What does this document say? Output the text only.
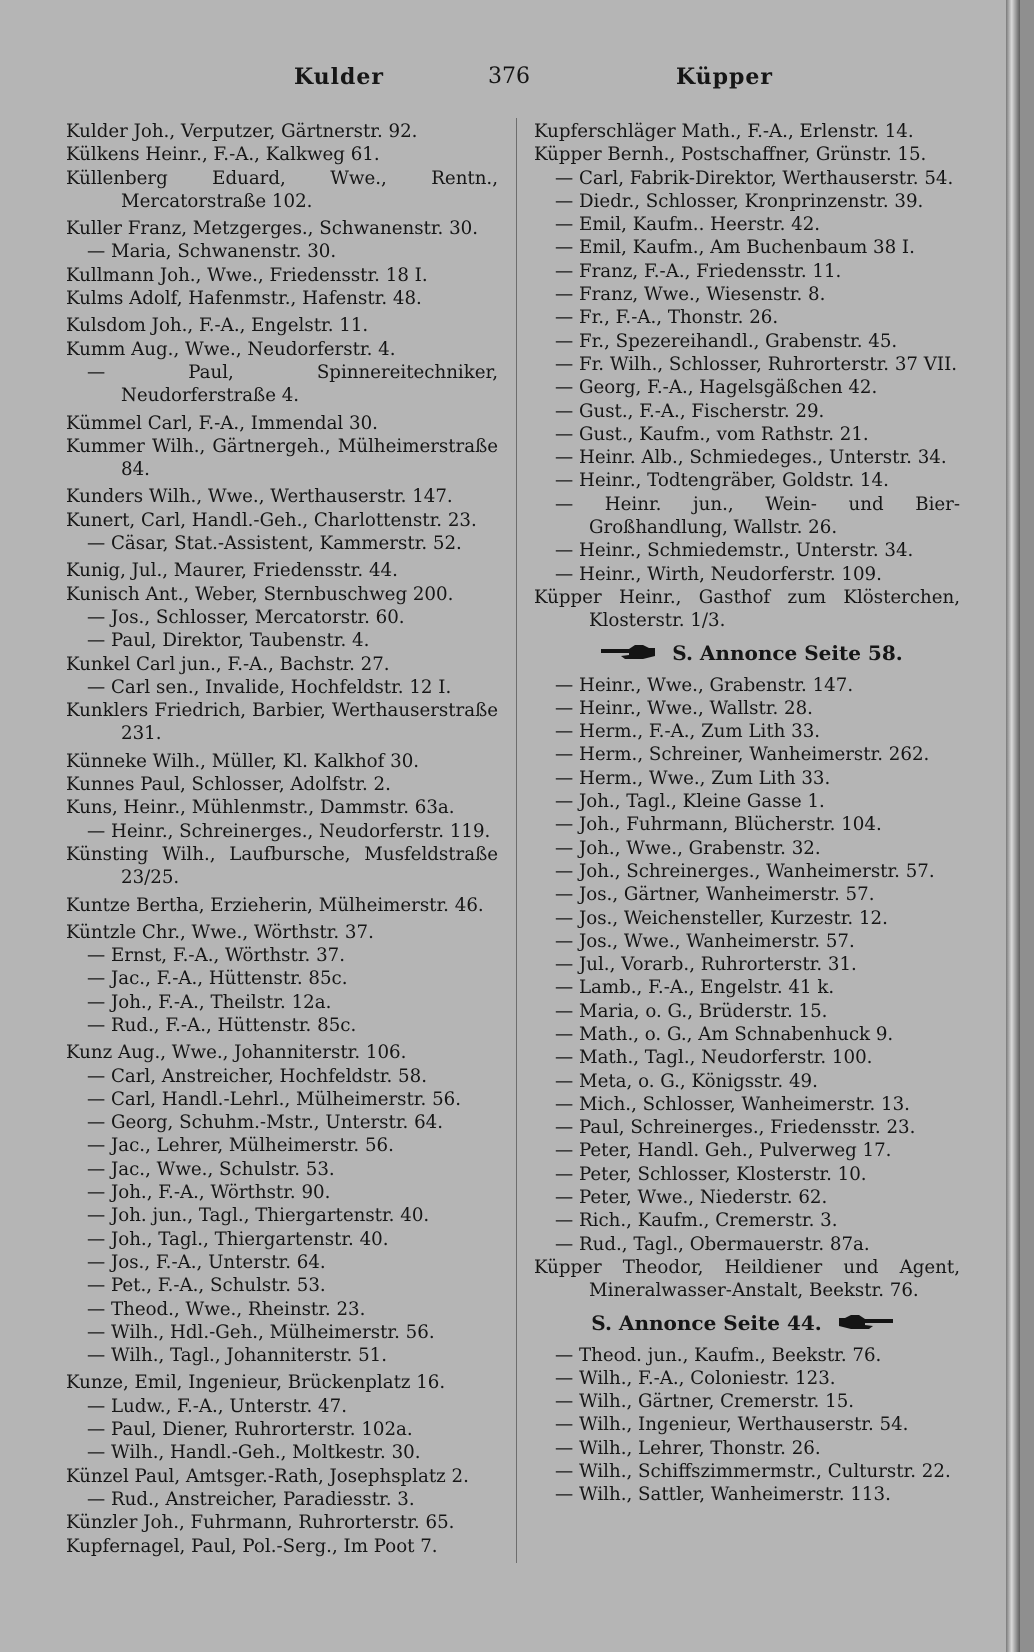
Kulder	376	Küpper
Kulder Joh., Verputzer, Gärtnerstr. 92.
Külkens Heinr., F.-A., Kalkweg 61.
Küllenberg Eduard, Wwe., Rentn., Mercatorstraße 102.
Kuller Franz, Metzgerges., Schwanenstr. 30.
— Maria, Schwanenstr. 30.
Kullmann Joh., Wwe., Friedensstr. 18 I.
Kulms Adolf, Hafenmstr., Hafenstr. 48.
Kulsdom Joh., F.-A., Engelstr. 11.
Kumm Aug., Wwe., Neudorferstr. 4.
— Paul, Spinnereitechniker, Neudorferstraße 4.
Kümmel Carl, F.-A., Immendal 30.
Kummer Wilh., Gärtnergeh., Mülheimerstraße 84.
Kunders Wilh., Wwe., Werthauserstr. 147.
Kunert, Carl, Handl.-Geh., Charlottenstr. 23.
— Cäsar, Stat.-Assistent, Kammerstr. 52.
Kunig, Jul., Maurer, Friedensstr. 44.
Kunisch Ant., Weber, Sternbuschweg 200.
— Jos., Schlosser, Mercatorstr. 60.
— Paul, Direktor, Taubenstr. 4.
Kunkel Carl jun., F.-A., Bachstr. 27.
— Carl sen., Invalide, Hochfeldstr. 12 I.
Kunklers Friedrich, Barbier, Werthauserstraße 231.
Künneke Wilh., Müller, Kl. Kalkhof 30.
Kunnes Paul, Schlosser, Adolfstr. 2.
Kuns, Heinr., Mühlenmstr., Dammstr. 63a.
— Heinr., Schreinerges., Neudorferstr. 119.
Künsting Wilh., Laufbursche, Musfeldstraße 23/25.
Kuntze Bertha, Erzieherin, Mülheimerstr. 46.
Küntzle Chr., Wwe., Wörthstr. 37.
— Ernst, F.-A., Wörthstr. 37.
— Jac., F.-A., Hüttenstr. 85c.
— Joh., F.-A., Theilstr. 12a.
— Rud., F.-A., Hüttenstr. 85c.
Kunz Aug., Wwe., Johanniterstr. 106.
— Carl, Anstreicher, Hochfeldstr. 58.
— Carl, Handl.-Lehrl., Mülheimerstr. 56.
— Georg, Schuhm.-Mstr., Unterstr. 64.
— Jac., Lehrer, Mülheimerstr. 56.
— Jac., Wwe., Schulstr. 53.
— Joh., F.-A., Wörthstr. 90.
— Joh. jun., Tagl., Thiergartenstr. 40.
— Joh., Tagl., Thiergartenstr. 40.
— Jos., F.-A., Unterstr. 64.
— Pet., F.-A., Schulstr. 53.
— Theod., Wwe., Rheinstr. 23.
— Wilh., Hdl.-Geh., Mülheimerstr. 56.
— Wilh., Tagl., Johanniterstr. 51.
Kunze, Emil, Ingenieur, Brückenplatz 16.
— Ludw., F.-A., Unterstr. 47.
— Paul, Diener, Ruhrorterstr. 102a.
— Wilh., Handl.-Geh., Moltkestr. 30.
Künzel Paul, Amtsger.-Rath, Josephsplatz 2.
— Rud., Anstreicher, Paradiesstr. 3.
Künzler Joh., Fuhrmann, Ruhrorterstr. 65.
Kupfernagel, Paul, Pol.-Serg., Im Poot 7.
Kupferschläger Math., F.-A., Erlenstr. 14.
Küpper Bernh., Postschaffner, Grünstr. 15.
— Carl, Fabrik-Direktor, Werthauserstr. 54.
— Diedr., Schlosser, Kronprinzenstr. 39.
— Emil, Kaufm.. Heerstr. 42.
— Emil, Kaufm., Am Buchenbaum 38 I.
— Franz, F.-A., Friedensstr. 11.
— Franz, Wwe., Wiesenstr. 8.
— Fr., F.-A., Thonstr. 26.
— Fr., Spezereihandl., Grabenstr. 45.
— Fr. Wilh., Schlosser, Ruhrorterstr. 37 VII.
— Georg, F.-A., Hagelsgäßchen 42.
— Gust., F.-A., Fischerstr. 29.
— Gust., Kaufm., vom Rathstr. 21.
— Heinr. Alb., Schmiedeges., Unterstr. 34.
— Heinr., Todtengräber, Goldstr. 14.
— Heinr. jun., Wein- und Bier-Großhandlung, Wallstr. 26.
— Heinr., Schmiedemstr., Unterstr. 34.
— Heinr., Wirth, Neudorferstr. 109.
Küpper Heinr., Gasthof zum Klösterchen, Klosterstr. 1/3.
S. Annonce Seite 58.
— Heinr., Wwe., Grabenstr. 147.
— Heinr., Wwe., Wallstr. 28.
— Herm., F.-A., Zum Lith 33.
— Herm., Schreiner, Wanheimerstr. 262.
— Herm., Wwe., Zum Lith 33.
— Joh., Tagl., Kleine Gasse 1.
— Joh., Fuhrmann, Blücherstr. 104.
— Joh., Wwe., Grabenstr. 32.
— Joh., Schreinerges., Wanheimerstr. 57.
— Jos., Gärtner, Wanheimerstr. 57.
— Jos., Weichensteller, Kurzestr. 12.
— Jos., Wwe., Wanheimerstr. 57.
— Jul., Vorarb., Ruhrorterstr. 31.
— Lamb., F.-A., Engelstr. 41 k.
— Maria, o. G., Brüderstr. 15.
— Math., o. G., Am Schnabenhuck 9.
— Math., Tagl., Neudorferstr. 100.
— Meta, o. G., Königsstr. 49.
— Mich., Schlosser, Wanheimerstr. 13.
— Paul, Schreinerges., Friedensstr. 23.
— Peter, Handl. Geh., Pulverweg 17.
— Peter, Schlosser, Klosterstr. 10.
— Peter, Wwe., Niederstr. 62.
— Rich., Kaufm., Cremerstr. 3.
— Rud., Tagl., Obermauerstr. 87a.
Küpper Theodor, Heildiener und Agent, Mineralwasser-Anstalt, Beekstr. 76.
S. Annonce Seite 44.
— Theod. jun., Kaufm., Beekstr. 76.
— Wilh., F.-A., Coloniestr. 123.
— Wilh., Gärtner, Cremerstr. 15.
— Wilh., Ingenieur, Werthauserstr. 54.
— Wilh., Lehrer, Thonstr. 26.
— Wilh., Schiffszimmermstr., Culturstr. 22.
— Wilh., Sattler, Wanheimerstr. 113.
